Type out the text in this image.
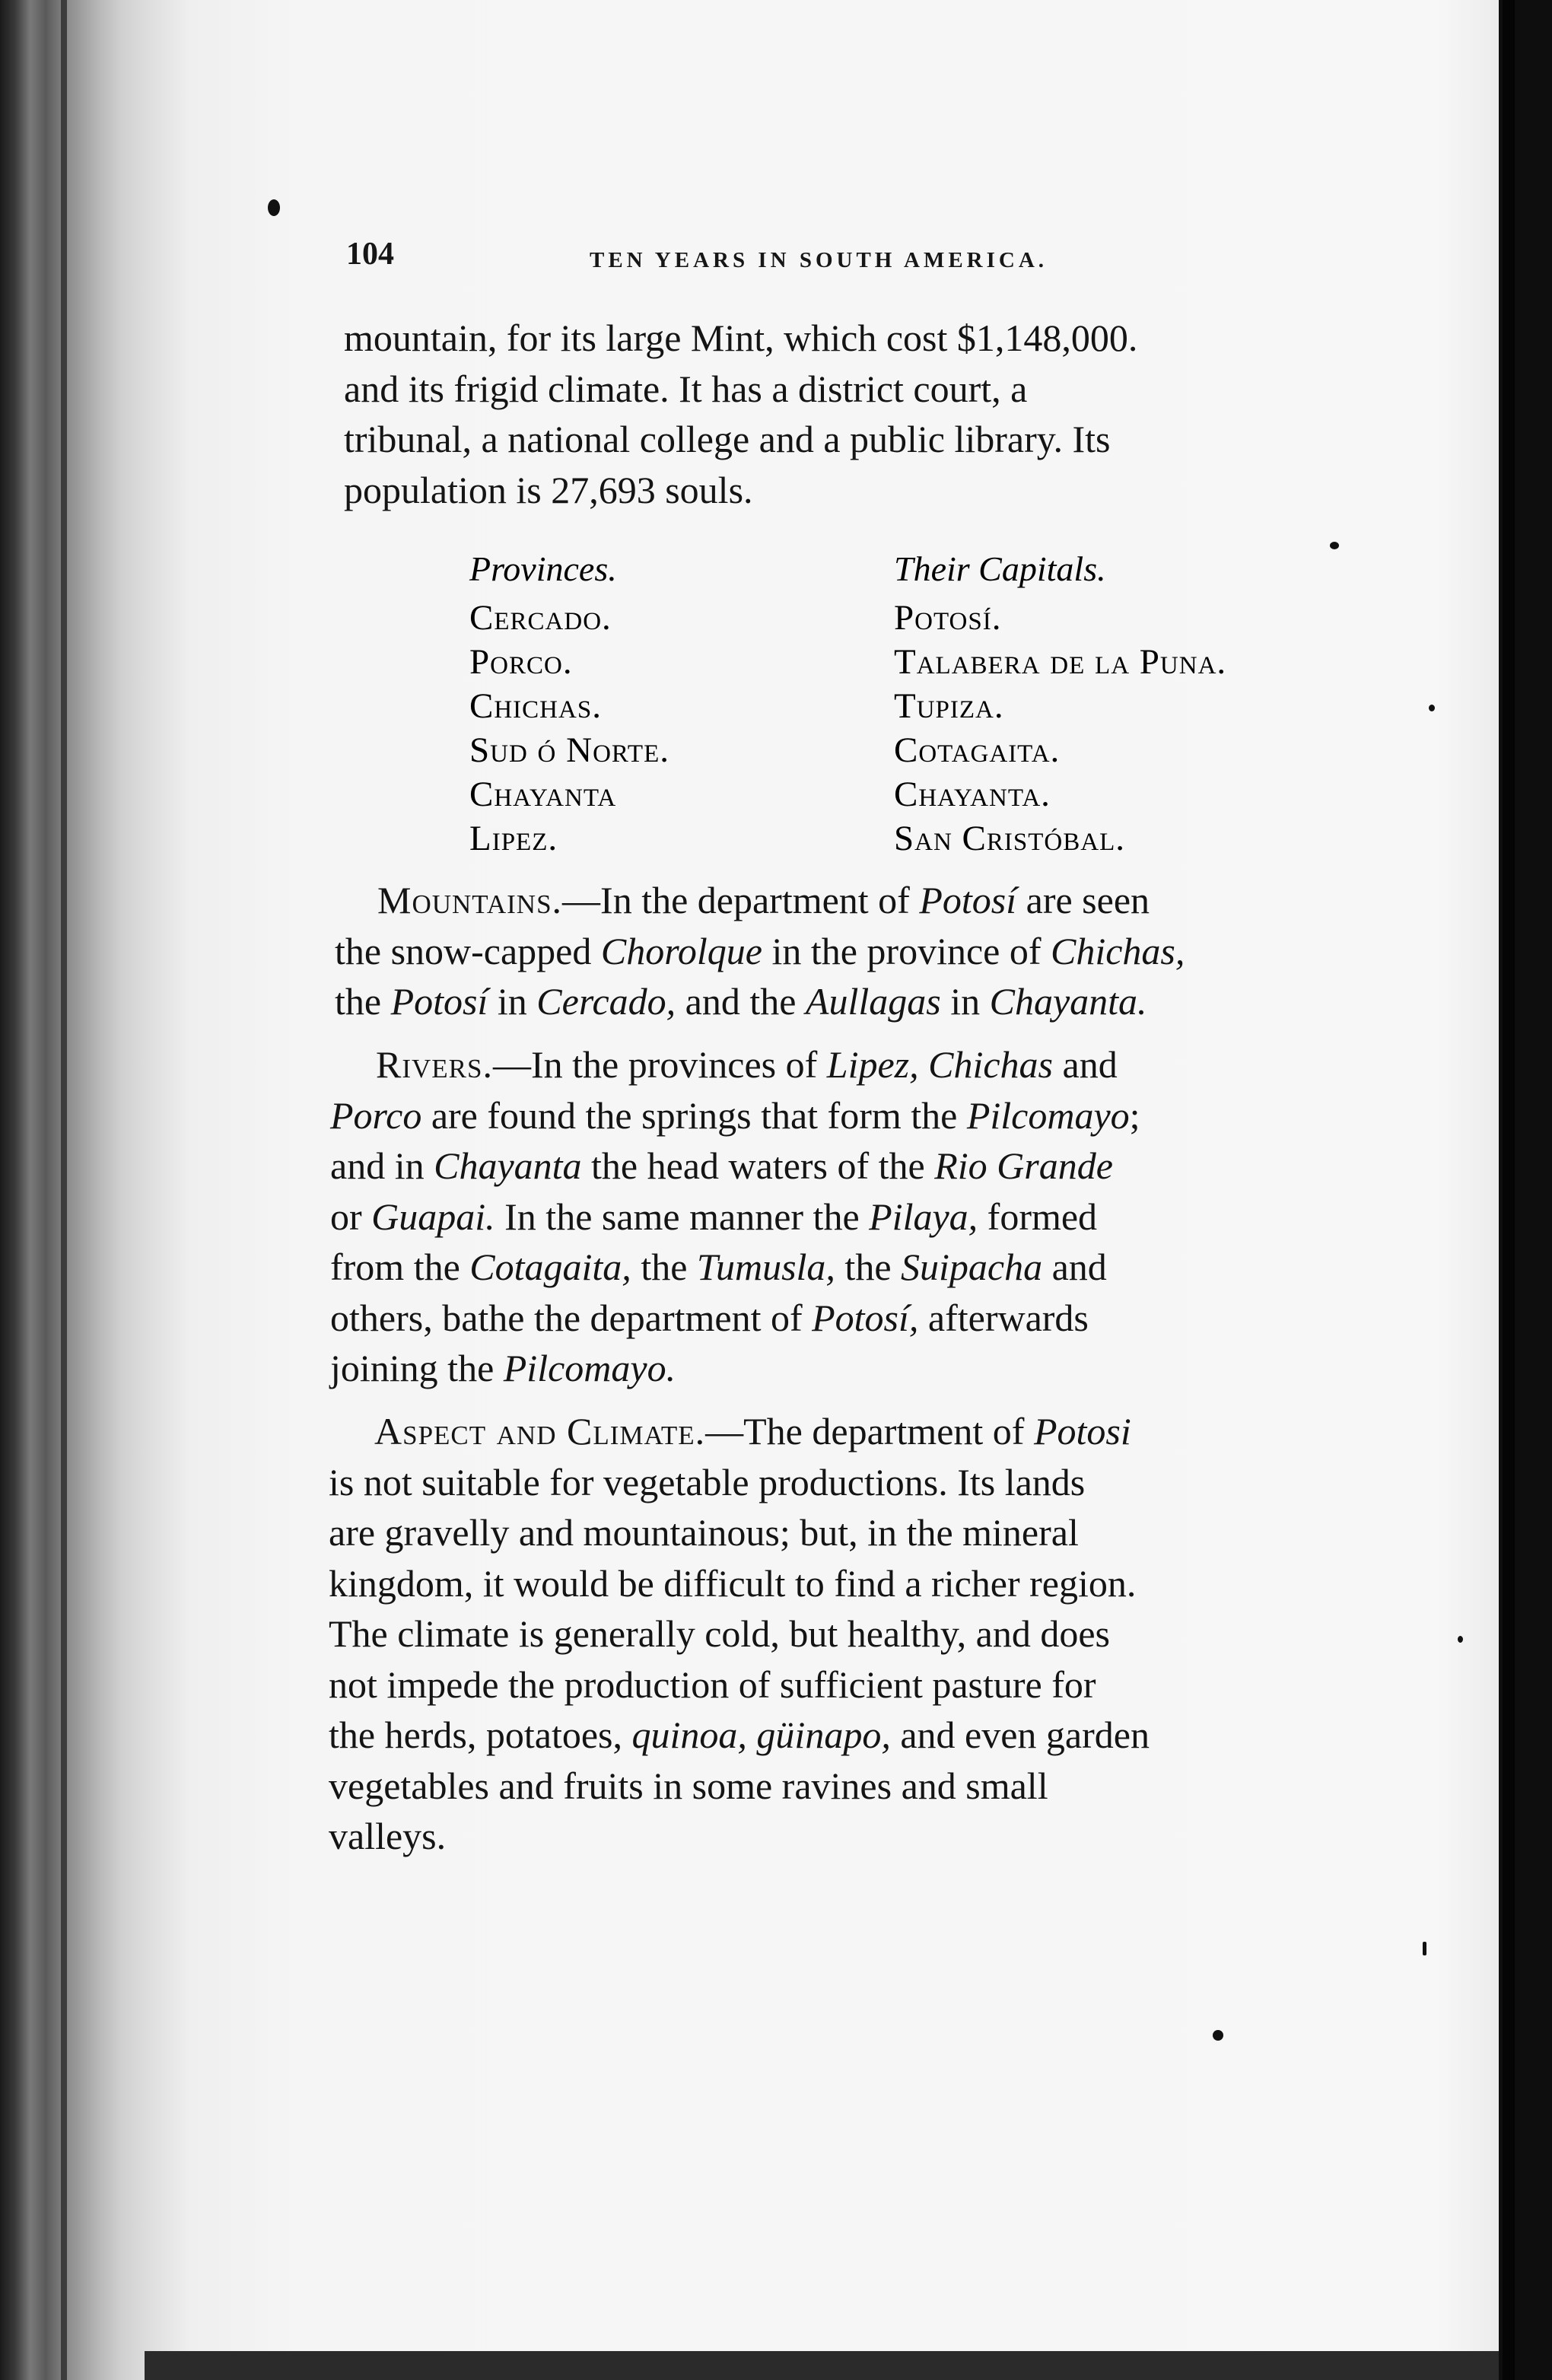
104	TEN YEARS IN SOUTH AMERICA.
mountain, for its large Mint, which cost $1,148,000.
and its frigid climate. It has a district court, a
tribunal, a national college and a public library. Its
population is 27,693 souls.
Provinces.
Cercado.
Porco.
Chichas.
Sud ó Norte.
Chayanta
Lipez.
Their Capitals.
Potosí.
Talabera de la Puna.
Tupiza.
Cotagaita.
Chayanta.
San Cristóbal.
Mountains.—In the department of Potosí are seen
the snow-capped Chorolque in the province of Chichas,
the Potosí in Cercado, and the Aullagas in Chayanta.
Rivers.—In the provinces of Lipez, Chichas and
Porco are found the springs that form the Pilcomayo;
and in Chayanta the head waters of the Rio Grande
or Guapai. In the same manner the Pilaya, formed
from the Cotagaita, the Tumusla, the Suipacha and
others, bathe the department of Potosí, afterwards
joining the Pilcomayo.
Aspect and Climate.—The department of Potosi
is not suitable for vegetable productions. Its lands
are gravelly and mountainous; but, in the mineral
kingdom, it would be difficult to find a richer region.
The climate is generally cold, but healthy, and does
not impede the production of sufficient pasture for
the herds, potatoes, quinoa, güinapo, and even garden
vegetables and fruits in some ravines and small
valleys.
